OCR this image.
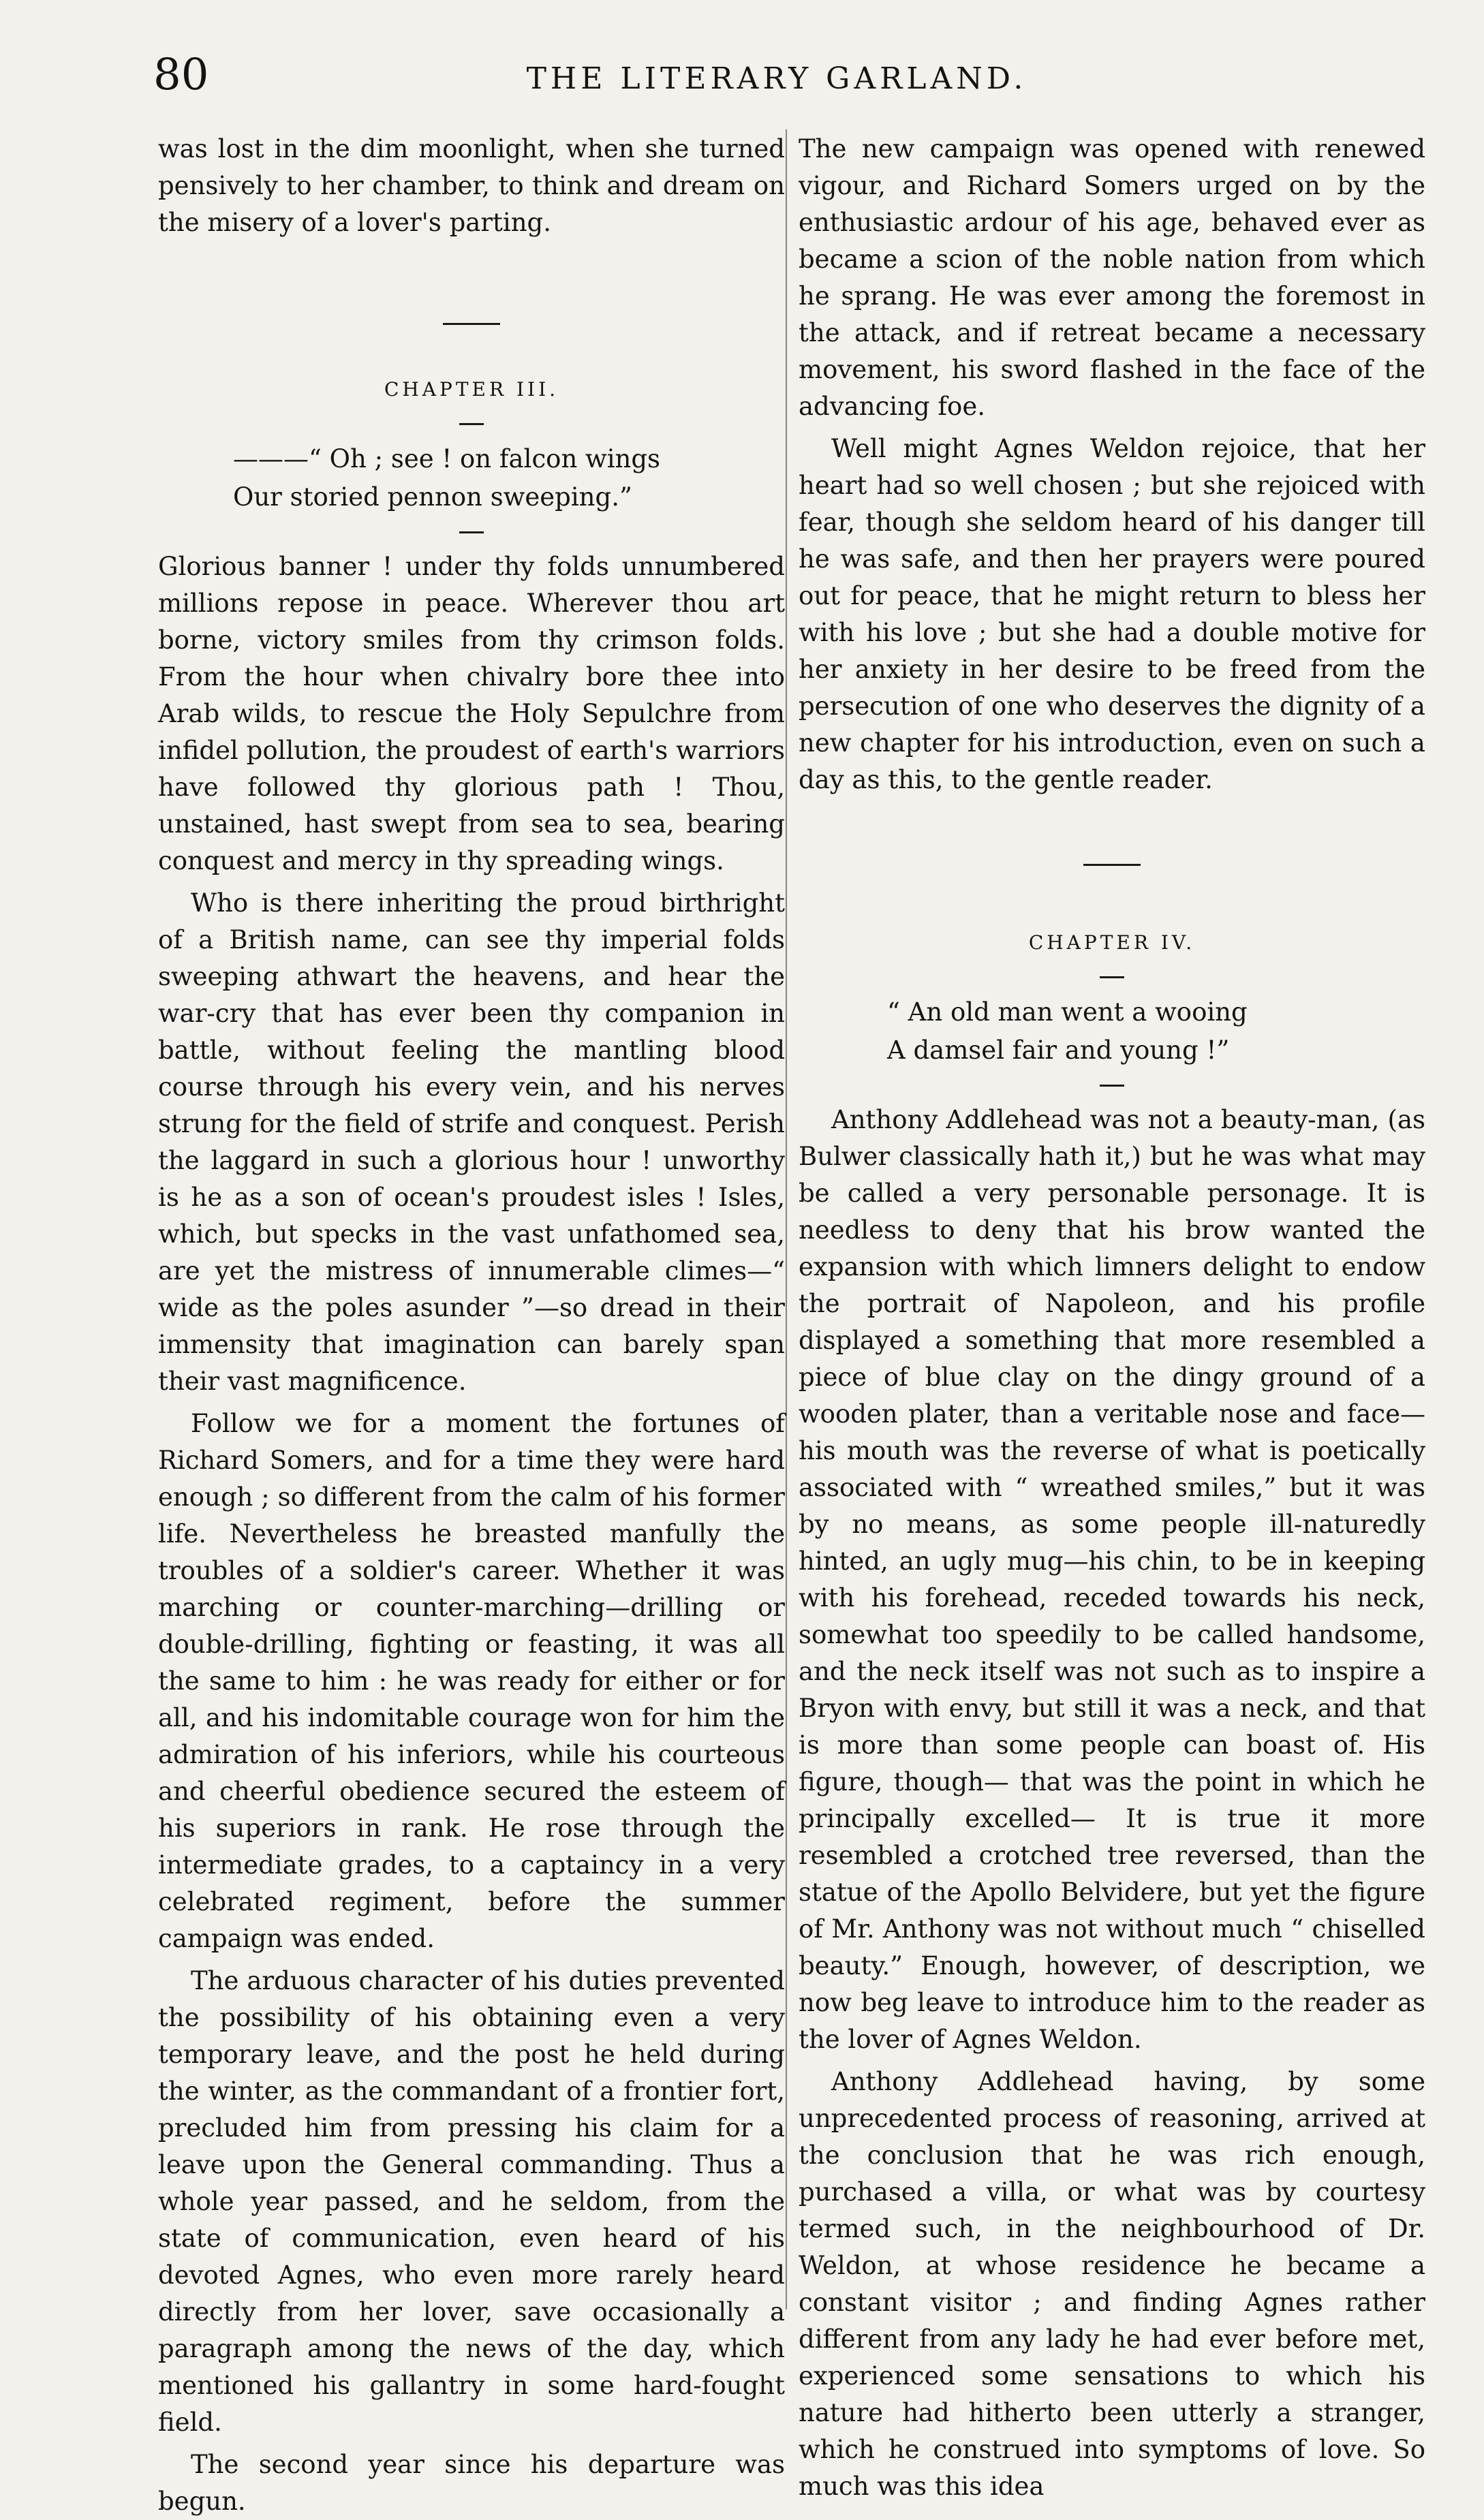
80	THE LITERARY GARLAND.

was lost in the dim moonlight, when she turned pensively to her chamber, to think and dream on the misery of a lover's parting.

CHAPTER III.

———“ Oh ; see ! on falcon wings

Our storied pennon sweeping.”

Glorious banner ! under thy folds unnumbered millions repose in peace. Wherever thou art borne, victory smiles from thy crimson folds. From the hour when chivalry bore thee into Arab wilds, to rescue the Holy Sepulchre from infidel pollution, the proudest of earth's warriors have followed thy glorious path ! Thou, unstained, hast swept from sea to sea, bearing conquest and mercy in thy spreading wings.

Who is there inheriting the proud birthright of a British name, can see thy imperial folds sweeping athwart the heavens, and hear the war-cry that has ever been thy companion in battle, without feeling the mantling blood course through his every vein, and his nerves strung for the field of strife and conquest. Perish the laggard in such a glorious hour ! unworthy is he as a son of ocean's proudest isles ! Isles, which, but specks in the vast unfathomed sea, are yet the mistress of innumerable climes—“ wide as the poles asunder ”—so dread in their immensity that imagination can barely span their vast magnificence.

Follow we for a moment the fortunes of Richard Somers, and for a time they were hard enough ; so different from the calm of his former life. Nevertheless he breasted manfully the troubles of a soldier's career. Whether it was marching or counter-marching—drilling or double-drilling, fighting or feasting, it was all the same to him : he was ready for either or for all, and his indomitable courage won for him the admiration of his inferiors, while his courteous and cheerful obedience secured the esteem of his superiors in rank. He rose through the intermediate grades, to a captaincy in a very celebrated regiment, before the summer campaign was ended.

The arduous character of his duties prevented the possibility of his obtaining even a very temporary leave, and the post he held during the winter, as the commandant of a frontier fort, precluded him from pressing his claim for a leave upon the General commanding. Thus a whole year passed, and he seldom, from the state of communication, even heard of his devoted Agnes, who even more rarely heard directly from her lover, save occasionally a paragraph among the news of the day, which mentioned his gallantry in some hard-fought field.

The second year since his departure was begun.

The new campaign was opened with renewed vigour, and Richard Somers urged on by the enthusiastic ardour of his age, behaved ever as became a scion of the noble nation from which he sprang. He was ever among the foremost in the attack, and if retreat became a necessary movement, his sword flashed in the face of the advancing foe.

Well might Agnes Weldon rejoice, that her heart had so well chosen ; but she rejoiced with fear, though she seldom heard of his danger till he was safe, and then her prayers were poured out for peace, that he might return to bless her with his love ; but she had a double motive for her anxiety in her desire to be freed from the persecution of one who deserves the dignity of a new chapter for his introduction, even on such a day as this, to the gentle reader.

CHAPTER IV.

“ An old man went a wooing

A damsel fair and young !”

Anthony Addlehead was not a beauty-man, (as Bulwer classically hath it,) but he was what may be called a very personable personage. It is needless to deny that his brow wanted the expansion with which limners delight to endow the portrait of Napoleon, and his profile displayed a something that more resembled a piece of blue clay on the dingy ground of a wooden plater, than a veritable nose and face—his mouth was the reverse of what is poetically associated with “ wreathed smiles,” but it was by no means, as some people ill-naturedly hinted, an ugly mug—his chin, to be in keeping with his forehead, receded towards his neck, somewhat too speedily to be called handsome, and the neck itself was not such as to inspire a Bryon with envy, but still it was a neck, and that is more than some people can boast of. His figure, though— that was the point in which he principally excelled— It is true it more resembled a crotched tree reversed, than the statue of the Apollo Belvidere, but yet the figure of Mr. Anthony was not without much “ chiselled beauty.” Enough, however, of description, we now beg leave to introduce him to the reader as the lover of Agnes Weldon.

Anthony Addlehead having, by some unprecedented process of reasoning, arrived at the conclusion that he was rich enough, purchased a villa, or what was by courtesy termed such, in the neighbourhood of Dr. Weldon, at whose residence he became a constant visitor ; and finding Agnes rather different from any lady he had ever before met, experienced some sensations to which his nature had hitherto been utterly a stranger, which he construed into symptoms of love. So much was this idea
